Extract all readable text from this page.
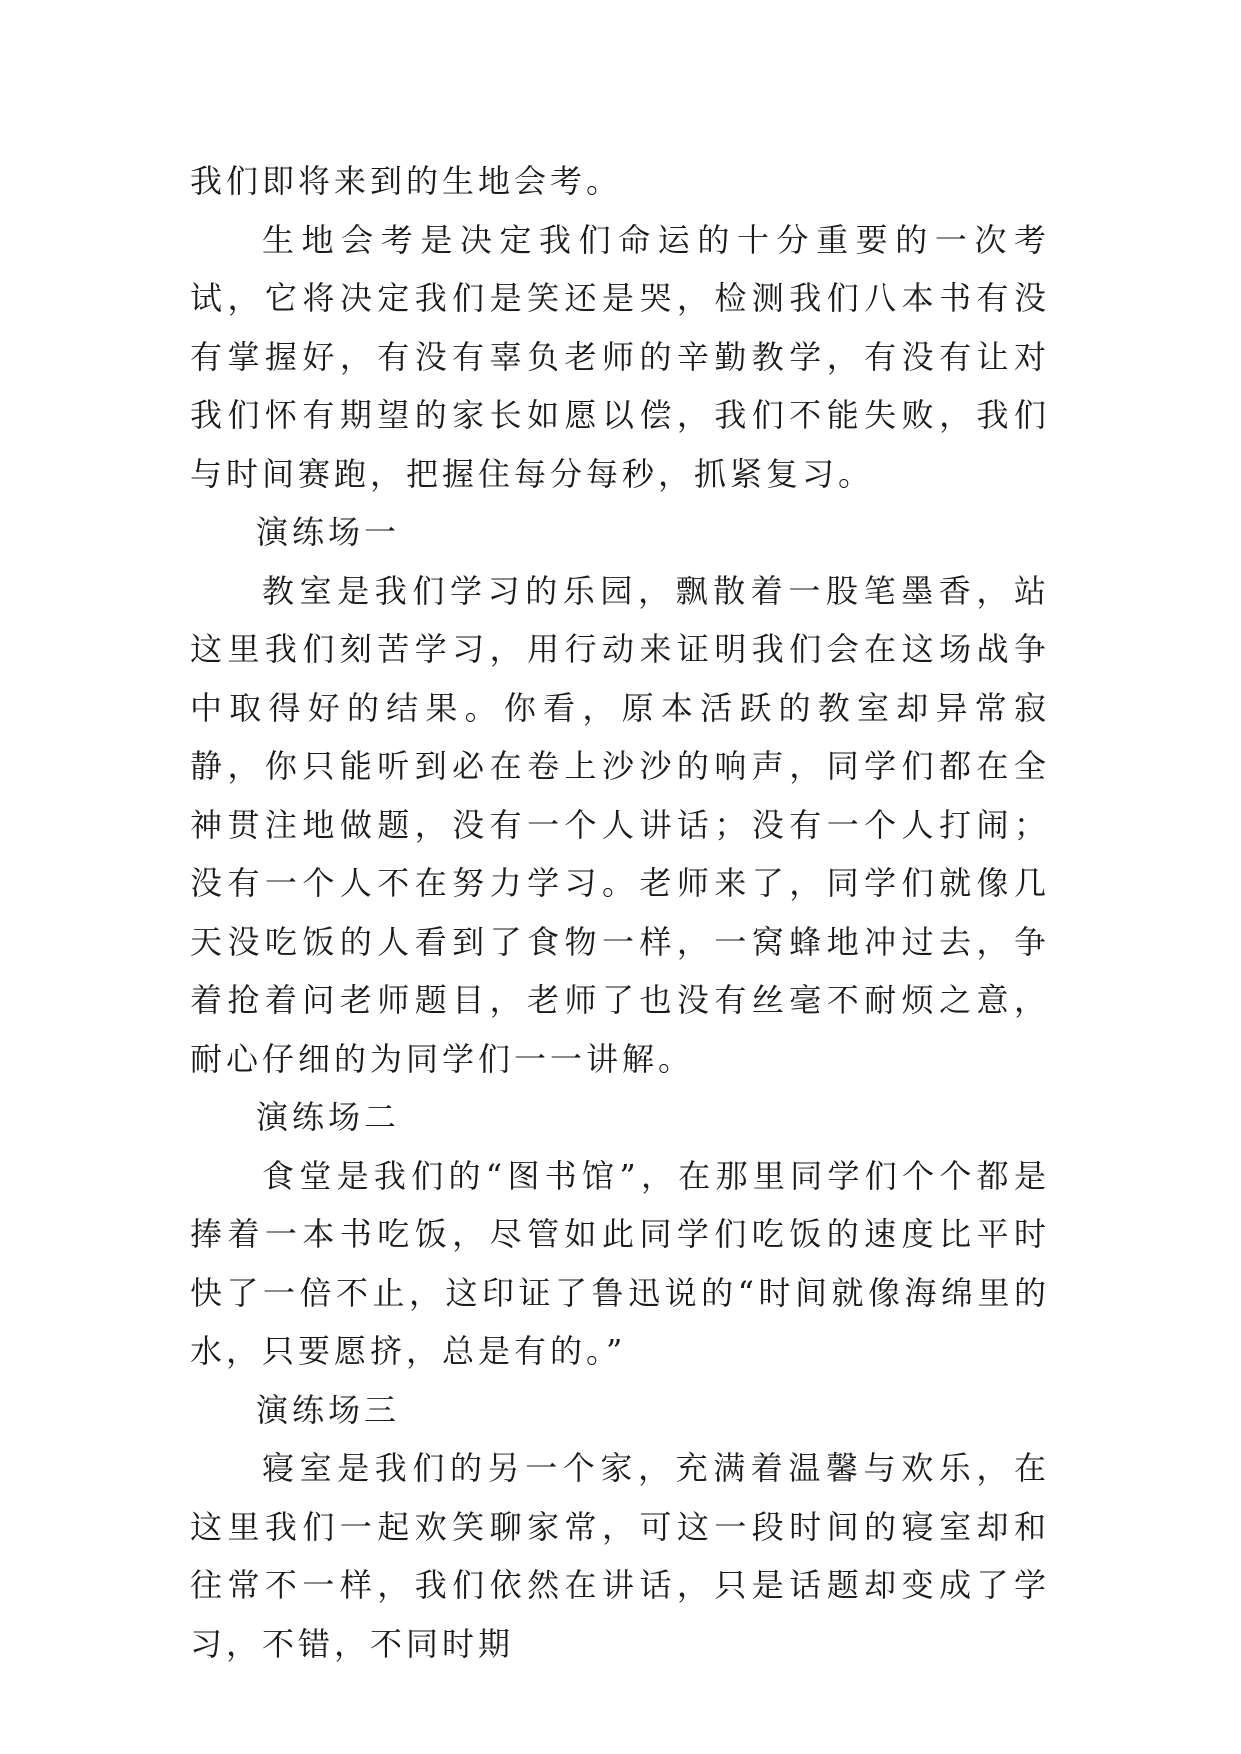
我们即将来到的生地会考。

生地会考是决定我们命运的十分重要的一次考试，它将决定我们是笑还是哭，检测我们八本书有没有掌握好，有没有辜负老师的辛勤教学，有没有让对我们怀有期望的家长如愿以偿，我们不能失败，我们与时间赛跑，把握住每分每秒，抓紧复习。

演练场一

教室是我们学习的乐园，飘散着一股笔墨香，站这里我们刻苦学习，用行动来证明我们会在这场战争中取得好的结果。你看，原本活跃的教室却异常寂静，你只能听到必在卷上沙沙的响声，同学们都在全神贯注地做题，没有一个人讲话；没有一个人打闹；没有一个人不在努力学习。老师来了，同学们就像几天没吃饭的人看到了食物一样，一窝蜂地冲过去，争着抢着问老师题目，老师了也没有丝毫不耐烦之意，耐心仔细的为同学们一一讲解。

演练场二

食堂是我们的“图书馆”，在那里同学们个个都是捧着一本书吃饭，尽管如此同学们吃饭的速度比平时快了一倍不止，这印证了鲁迅说的“时间就像海绵里的水，只要愿挤，总是有的。”

演练场三

寝室是我们的另一个家，充满着温馨与欢乐，在这里我们一起欢笑聊家常，可这一段时间的寝室却和往常不一样，我们依然在讲话，只是话题却变成了学习，不错，不同时期
